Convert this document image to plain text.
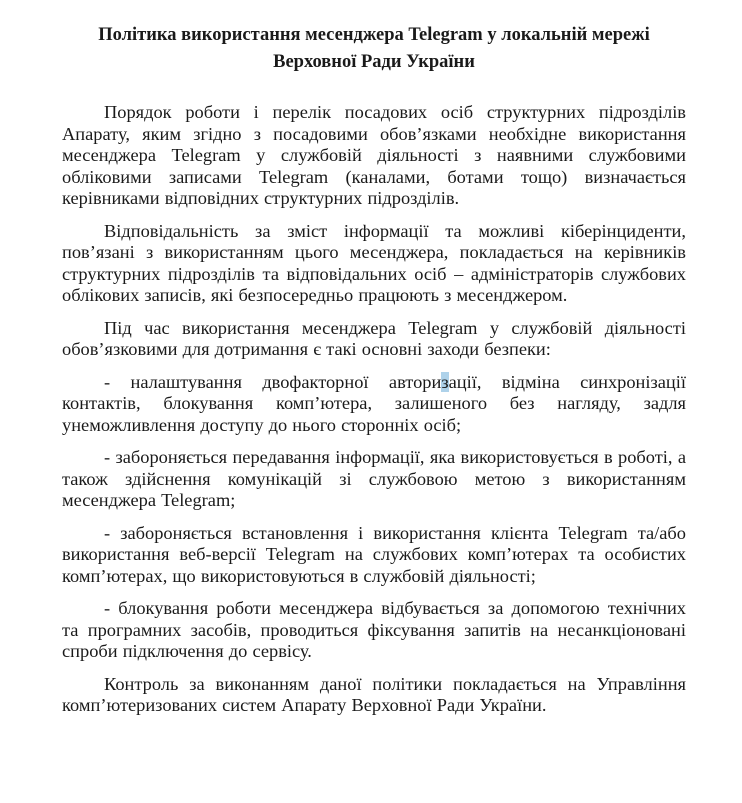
Політика використання месенджера Telegram у локальній мережі
Верховної Ради України

Порядок роботи і перелік посадових осіб структурних підрозділів Апарату, яким згідно з посадовими обов’язками необхідне використання месенджера Telegram у службовій діяльності з наявними службовими обліковими записами Telegram (каналами, ботами тощо) визначається керівниками відповідних структурних підрозділів.

Відповідальність за зміст інформації та можливі кіберінциденти, пов’язані з використанням цього месенджера, покладається на керівників структурних підрозділів та відповідальних осіб – адміністраторів службових облікових записів, які безпосередньо працюють з месенджером.

Під час використання месенджера Telegram у службовій діяльності обов’язковими для дотримання є такі основні заходи безпеки:

- налаштування двофакторної авторизації, відміна синхронізації контактів, блокування комп’ютера, залишеного без нагляду, задля унеможливлення доступу до нього сторонніх осіб;

- забороняється передавання інформації, яка використовується в роботі, а також здійснення комунікацій зі службовою метою з використанням месенджера Telegram;

- забороняється встановлення і використання клієнта Telegram та/або використання веб-версії Telegram на службових комп’ютерах та особистих комп’ютерах, що використовуються в службовій діяльності;

- блокування роботи месенджера відбувається за допомогою технічних та програмних засобів, проводиться фіксування запитів на несанкціоновані спроби підключення до сервісу.

Контроль за виконанням даної політики покладається на Управління комп’ютеризованих систем Апарату Верховної Ради України.
